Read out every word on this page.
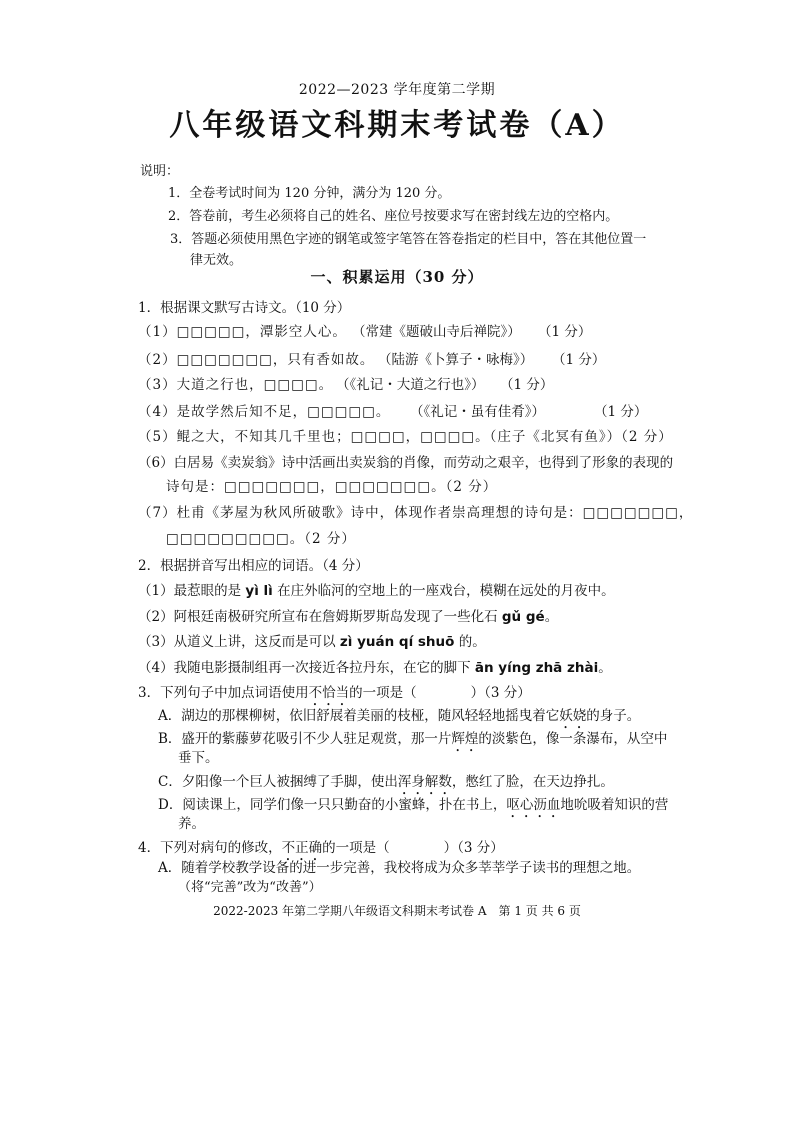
2022—2023 学年度第二学期
八年级语文科期末考试卷（A）
说明：
1．全卷考试时间为 120 分钟，满分为 120 分。
2．答卷前，考生必须将自己的姓名、座位号按要求写在密封线左边的空格内。
3．答题必须使用黑色字迹的钢笔或签字笔答在答卷指定的栏目中，答在其他位置一
律无效。
一、积累运用（30 分）
1．根据课文默写古诗文。（10 分）
（1）□□□□□，潭影空人心。 （常建《题破山寺后禅院》） （1 分）
（2）□□□□□□□，只有香如故。 （陆游《卜算子・咏梅》） （1 分）
（3）大道之行也，□□□□。 （《礼记・大道之行也》） （1 分）
（4）是故学然后知不足，□□□□□。 （《礼记・虽有佳肴》）	（1 分）
（5）鲲之大，不知其几千里也；□□□□，□□□□。（庄子《北冥有鱼》）（2 分）
（6）白居易《卖炭翁》诗中活画出卖炭翁的肖像，而劳动之艰辛，也得到了形象的表现的
诗句是：□□□□□□□，□□□□□□□。（2 分）
（7）杜甫《茅屋为秋风所破歌》诗中，体现作者崇高理想的诗句是：□□□□□□□，
□□□□□□□□□。（2 分）
2．根据拼音写出相应的词语。（4 分）
（1）最惹眼的是 yì lì 在庄外临河的空地上的一座戏台，模糊在远处的月夜中。
（2）阿根廷南极研究所宣布在詹姆斯罗斯岛发现了一些化石 gǔ gé。
（3）从道义上讲，这反而是可以 zì yuán qí shuō 的。
（4）我随电影摄制组再一次接近各拉丹东，在它的脚下 ān yíng zhā zhài。
3．下列句子中加点词语使用不恰当的一项是（　　　　）（3 分）
A．湖边的那棵柳树，依旧舒展着美丽的枝桠，随风轻轻地摇曳着它妖娆的身子。
B．盛开的紫藤萝花吸引不少人驻足观赏，那一片辉煌的淡紫色，像一条瀑布，从空中
垂下。
C．夕阳像一个巨人被捆缚了手脚，使出浑身解数，憋红了脸，在天边挣扎。
D．阅读课上，同学们像一只只勤奋的小蜜蜂，扑在书上，呕心沥血地吮吸着知识的营
养。
4．下列对病句的修改，不正确的一项是（　　　　）（3 分）
A．随着学校教学设备的进一步完善，我校将成为众多莘莘学子读书的理想之地。
（将“完善”改为“改善”）
2022-2023 年第二学期八年级语文科期末考试卷 A　第 1 页 共 6 页
